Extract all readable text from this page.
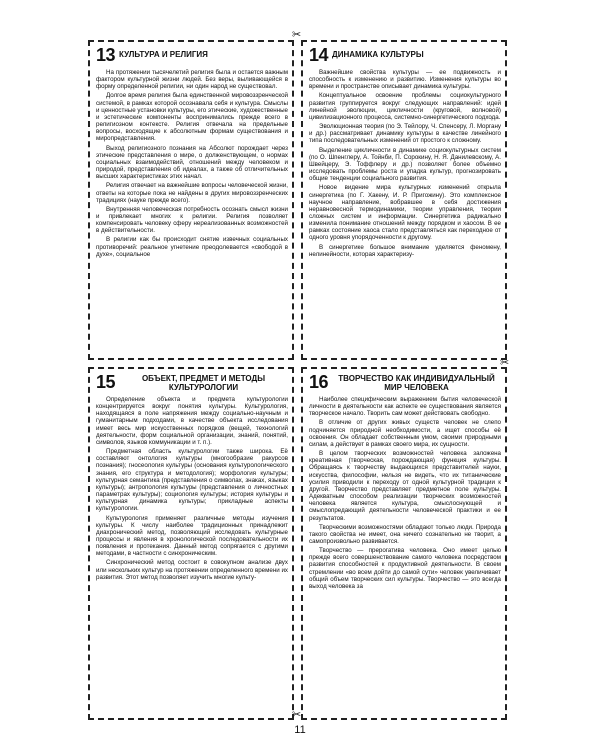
13 КУЛЬТУРА И РЕЛИГИЯ

На протяжении тысячелетий религия была и остается важным фактором культурной жизни людей. Без веры, выливающейся в форму определенной религии, ни один народ не существовал.

Долгое время религия была единственной мировоззренческой системой, в рамках которой осознавала себя и культура. Смыслы и ценностные установки культуры, его этические, художественные и эстетические компоненты воспринимались прежде всего в религиозном контексте. Религия отвечала на предельные вопросы, восходящие к абсолютным формам существования и миропредставления.

Выход религиозного познания на Абсолют порождает через этические представления о мире, о долженствующем, о нормах социальных взаимодействий, отношений между человеком и природой, представления об идеалах, а также об отличительных высших характеристиках этих начал.

Религия отвечает на важнейшие вопросы человеческой жизни, ответы на которые пока не найдены в других мировоззренческих традициях (науке прежде всего).

Внутренняя человеческая потребность осознать смысл жизни и привлекает многих к религии. Религия позволяет компенсировать человеку сферу нереализованных возможностей в действительности.

В религии как бы происходит снятие извечных социальных противоречий: реальное угнетение преодолевается «свободой в духе», социальное

14 ДИНАМИКА КУЛЬТУРЫ

Важнейшие свойства культуры — ее подвижность и способность к изменению и развитию. Изменения культуры во времени и пространстве описывает динамика культуры.

Концептуальное освоение проблемы социокультурного развития группируется вокруг следующих направлений: идей линейной эволюции, цикличности (круговой, волновой) цивилизационного процесса, системно-синергетического подхода.

Эволюционная теория (по Э. Тейлору, Ч. Спенсеру, Л. Моргану и др.) рассматривает динамику культуры в качестве линейного типа последовательных изменений от простого к сложному.

Выделение цикличности в динамике социокультурных систем (по О. Шпенглеру, А. Тойнби, П. Сорокину, Н. Я. Данилевскому, А. Швейцеру, Э. Тоффлеру и др.) позволяет более объемно исследовать проблемы роста и упадка культур, прогнозировать общие тенденции социального развития.

Новое видение мира культурных изменений открыла синергетика (по Г. Хакену, И. Р. Пригожину). Это комплексное научное направление, вобравшее в себя достижения неравновесной термодинамики, теории управления, теории сложных систем и информации. Синергетика радикально изменила понимание отношений между порядком и хаосом. В ее рамках состояние хаоса стало представляться как переходное от одного уровня упорядоченности к другому.

В синергетике большое внимание уделяется феномену, нелинейности, которая характеризу-

15	ОБЪЕКТ, ПРЕДМЕТ И МЕТОДЫ КУЛЬТУРОЛОГИИ

Определение объекта и предмета культурологии концентрируется вокруг понятия культуры. Культурология, находящаяся в поле напряжения между социально-научным и гуманитарным подходами, в качестве объекта исследования имеет весь мир искусственных порядков (вещей, технологий деятельности, форм социальной организации, знаний, понятий, символов, языков коммуникации и т. п.).

Предметная область культурологии также широка. Её составляют онтология культуры (многообразие ракурсов познания); гносеология культуры (основания культурологического знания, его структура и методология); морфология культуры; культурная семантика (представления о символах, знаках, языках культуры); антропология культуры (представления о личностных параметрах культуры); социология культуры; история культуры и культурная динамика культуры; прикладные аспекты культурологии.

Культурология применяет различные методы изучения культуры. К числу наиболее традиционных принадлежит диахронический метод, позволяющий исследовать культурные процессы и явления в хронологической последовательности их появления и протекания. Данный метод сопрягается с другими методами, в частности с синхроническим.

Синхронический метод состоит в совокупном анализе двух или нескольких культур на протяжении определенного времени их развития. Этот метод позволяет изучить многие культу-

16	ТВОРЧЕСТВО КАК ИНДИВИДУАЛЬНЫЙ МИР ЧЕЛОВЕКА

Наиболее специфическим выражением бытия человеческой личности в деятельности как аспекте ее существования является творческое начало. Творить сам может действовать свободно.

В отличие от других живых существ человек не слепо подчиняется природной необходимости, а ищет способы её освоения. Он обладает собственным умом, своими природными силам, а действует в рамках своего мира, их сущности.

В целом творческих возможностей человека заложена креативная (творческая, порождающая) функция культуры. Обращаясь к творчеству выдающихся представителей науки, искусства, философии, нельзя не видеть, что их титанические усилия приводили к переходу от одной культурной традиции к другой. Творчество представляет предметное поле культуры. Адекватным способом реализации творческих возможностей человека является культура, смыслоснующей и смыслопредающий деятельности человеческой практики и ее результатов.

Творческими возможностями обладают только люди. Природа такого свойства не имеет, она ничего сознательно не творит, а самопроизвольно развивается.

Творчество — прерогатива человека. Оно имеет целью прежде всего совершенствование самого человека посредством развития способностей к продуктивной деятельности. В своем стремлении «во всем дойти до самой сути» человек увеличивает общий объем творческих сил культуры. Творчество — это всегда выход человека за

✂
✂
✂
11
